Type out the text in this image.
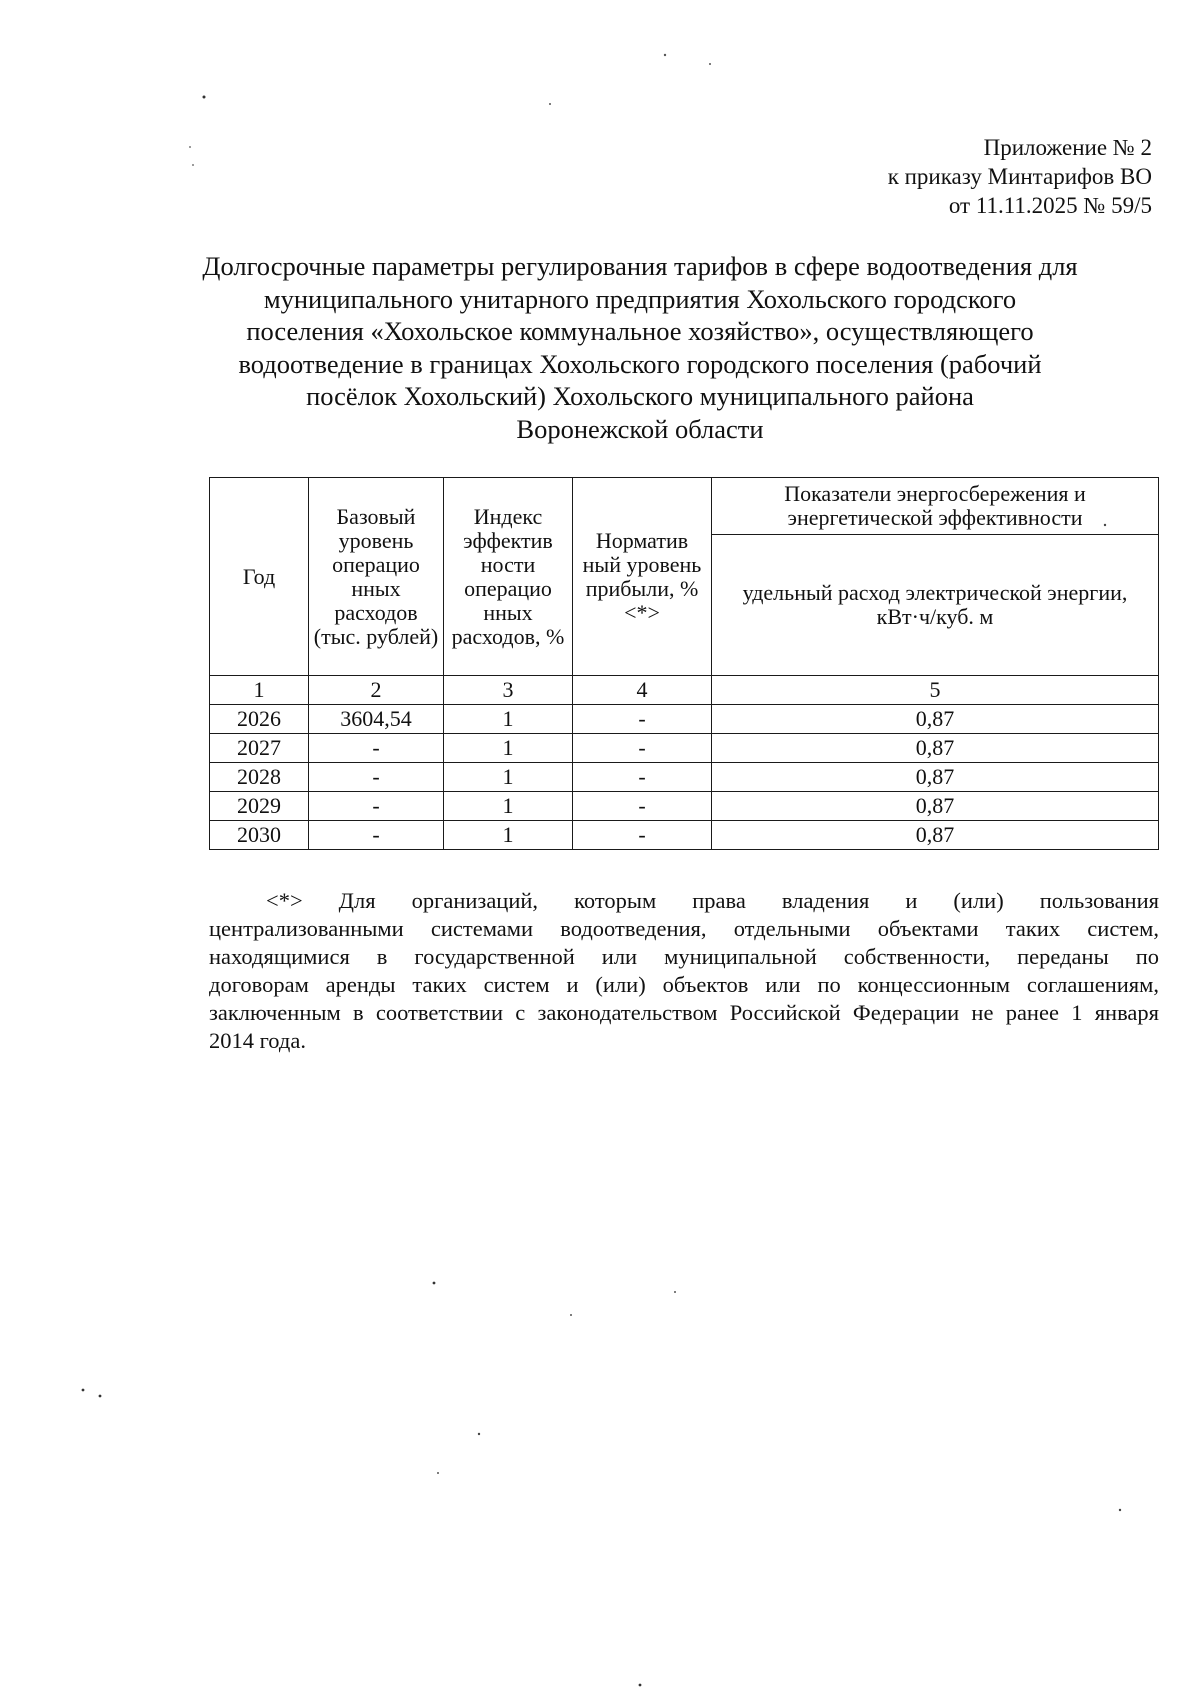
Приложение № 2
к приказу Минтарифов ВО
от 11.11.2025 № 59/5
Долгосрочные параметры регулирования тарифов в сфере водоотведения для
муниципального унитарного предприятия Хохольского городского
поселения «Хохольское коммунальное хозяйство», осуществляющего
водоотведение в границах Хохольского городского поселения (рабочий
посёлок Хохольский) Хохольского муниципального района
Воронежской области
Год	Базовый уровень операцио нных расходов (тыс. рублей)	Индекс эффектив ности операцио нных расходов, %	Норматив ный уровень прибыли, % <*>	Показатели энергосбережения и энергетической эффективности
				удельный расход электрической энергии, кВт·ч/куб. м
1	2	3	4	5
2026	3604,54	1	-	0,87
2027	-	1	-	0,87
2028	-	1	-	0,87
2029	-	1	-	0,87
2030	-	1	-	0,87
<*> Для организаций, которым права владения и (или) пользования
централизованными системами водоотведения, отдельными объектами таких систем,
находящимися в государственной или муниципальной собственности, переданы по
договорам аренды таких систем и (или) объектов или по концессионным соглашениям,
заключенным в соответствии с законодательством Российской Федерации не ранее 1 января
2014 года.
